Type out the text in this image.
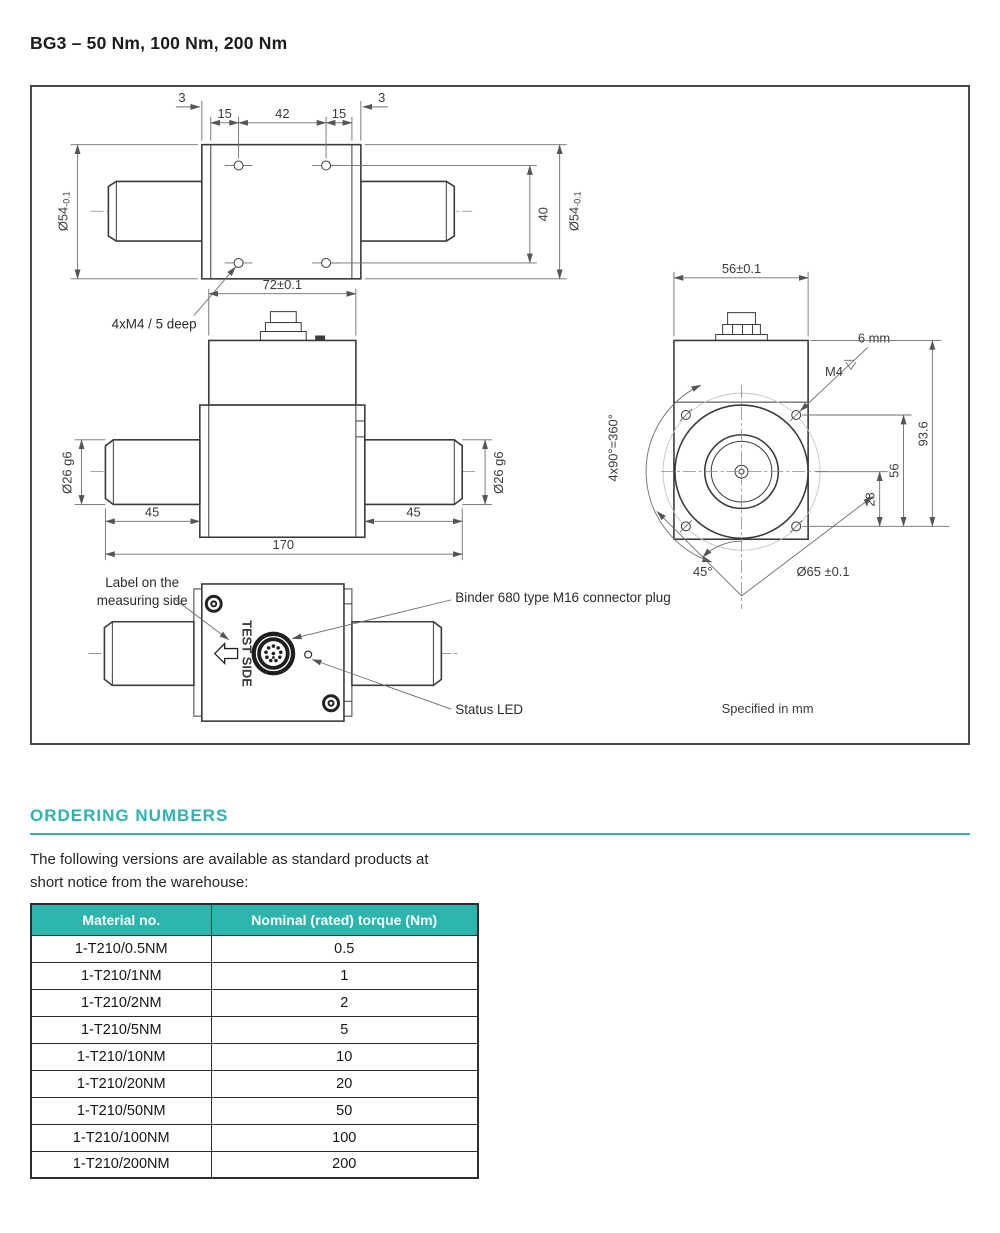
BG3 – 50 Nm, 100 Nm, 200 Nm
3	3
15	42	15
Ø54-0.1
40 Ø54-0.1
4xM4 / 5 deep
72±0.1
Ø26 g6	Ø26 g6
45	45
170
4x90°=360°
56±0.1
6 mm
M4
28
56
93.6
45°	Ø65 ±0.1
TEST SIDE
Label on the
measuring side	Binder 680 type M16 connector plug
Status LED	Specified in mm
ORDERING NUMBERS

The following versions are available as standard products at short notice from the warehouse:

Material no.	Nominal (rated) torque (Nm)
1-T210/0.5NM	0.5
1-T210/1NM	1
1-T210/2NM	2
1-T210/5NM	5
1-T210/10NM	10
1-T210/20NM	20
1-T210/50NM	50
1-T210/100NM	100
1-T210/200NM	200
